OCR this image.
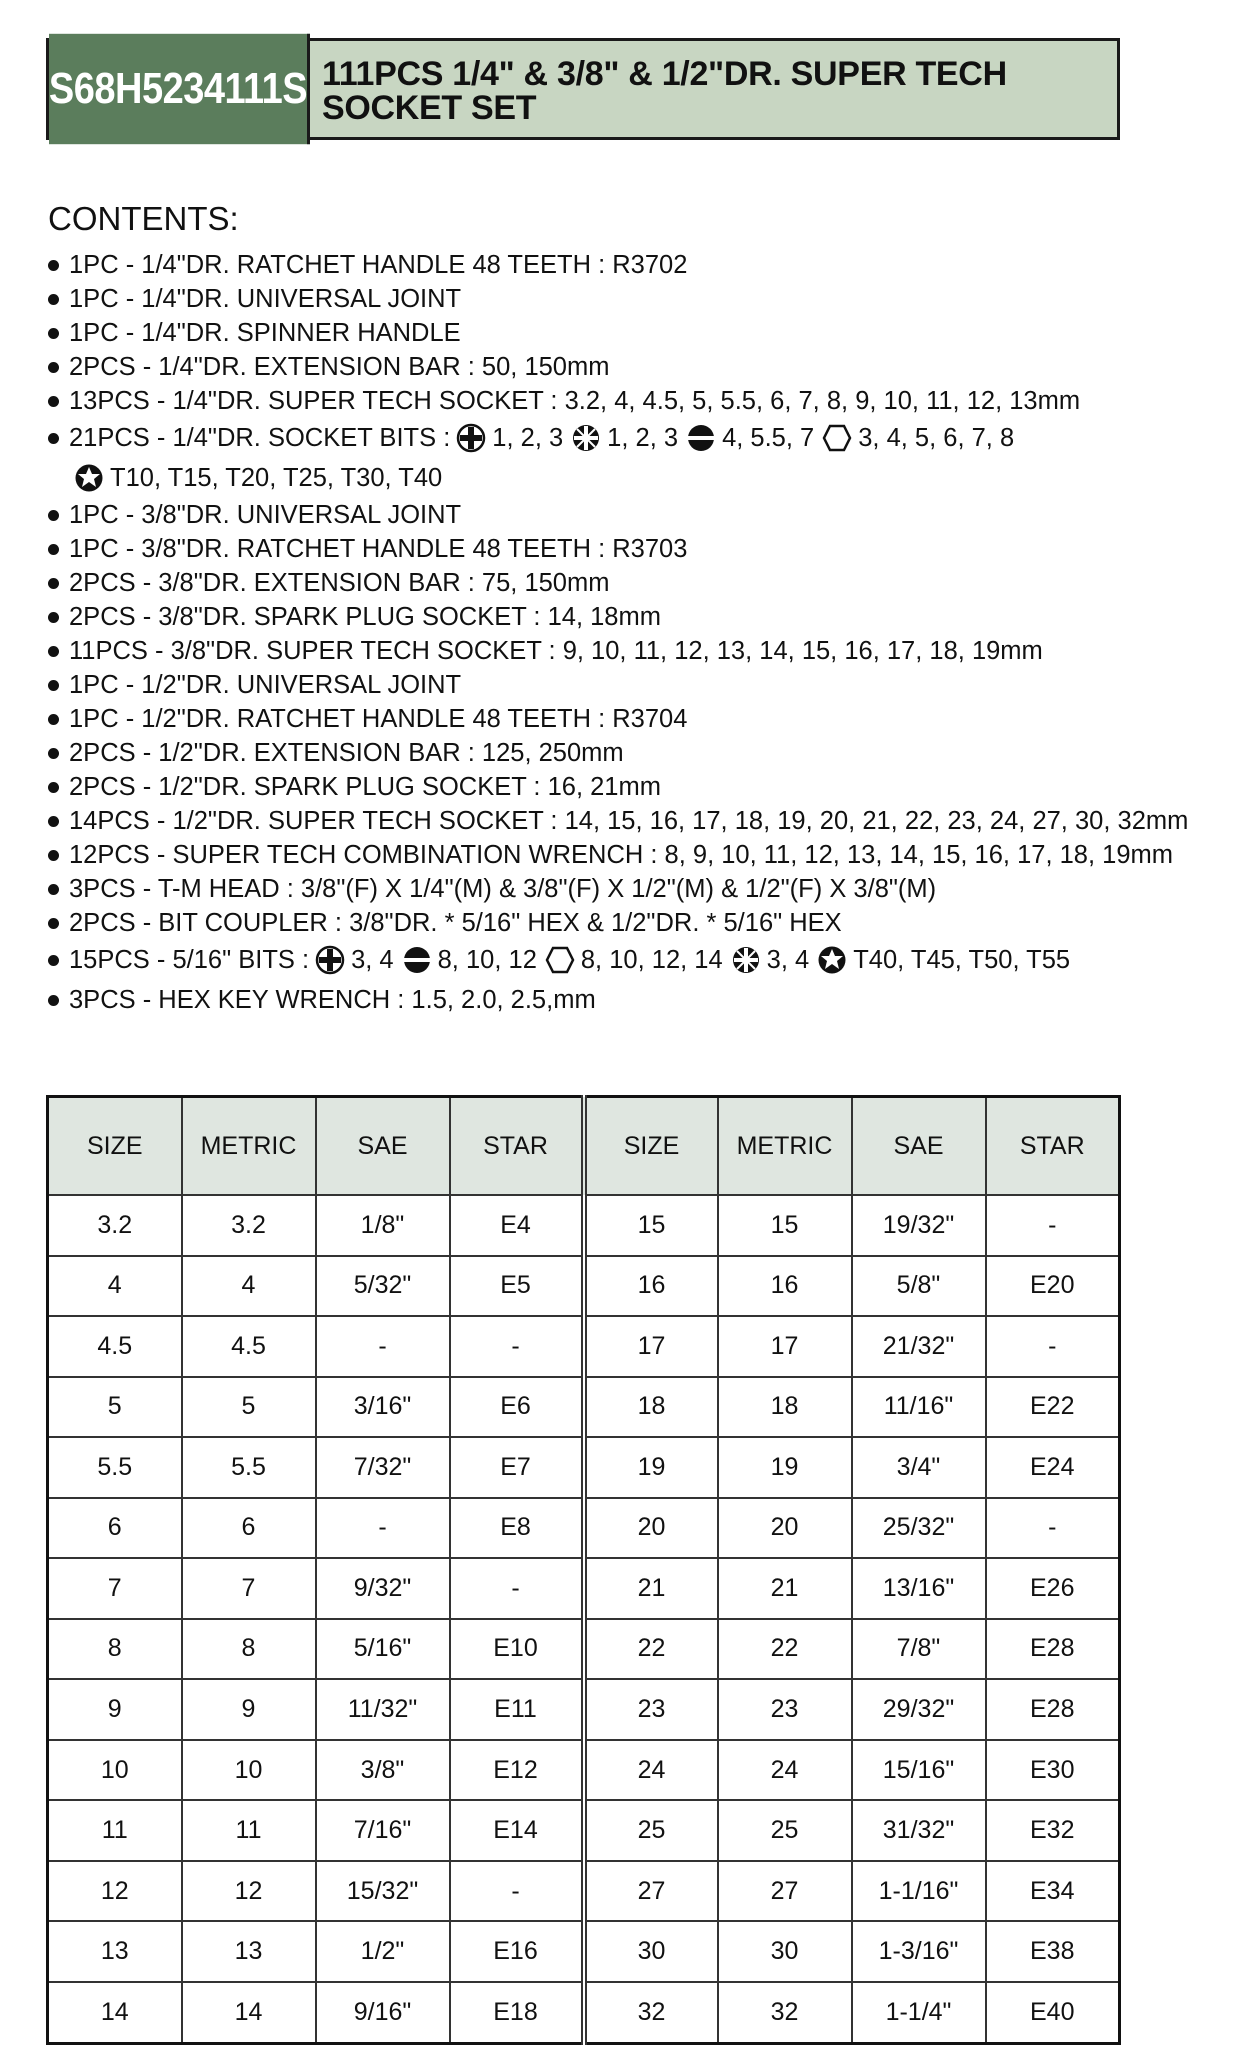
S68H5234111S 111PCS 1/4" & 3/8" & 1/2"DR. SUPER TECH SOCKET SET
CONTENTS:
1PC - 1/4"DR. RATCHET HANDLE 48 TEETH : R3702
1PC - 1/4"DR. UNIVERSAL JOINT
1PC - 1/4"DR. SPINNER HANDLE
2PCS - 1/4"DR. EXTENSION BAR : 50, 150mm
13PCS - 1/4"DR. SUPER TECH SOCKET : 3.2, 4, 4.5, 5, 5.5, 6, 7, 8, 9, 10, 11, 12, 13mm
21PCS - 1/4"DR. SOCKET BITS : 1, 2, 3 1, 2, 3 4, 5.5, 7 3, 4, 5, 6, 7, 8
T10, T15, T20, T25, T30, T40
1PC - 3/8"DR. UNIVERSAL JOINT
1PC - 3/8"DR. RATCHET HANDLE 48 TEETH : R3703
2PCS - 3/8"DR. EXTENSION BAR : 75, 150mm
2PCS - 3/8"DR. SPARK PLUG SOCKET : 14, 18mm
11PCS - 3/8"DR. SUPER TECH SOCKET : 9, 10, 11, 12, 13, 14, 15, 16, 17, 18, 19mm
1PC - 1/2"DR. UNIVERSAL JOINT
1PC - 1/2"DR. RATCHET HANDLE 48 TEETH : R3704
2PCS - 1/2"DR. EXTENSION BAR : 125, 250mm
2PCS - 1/2"DR. SPARK PLUG SOCKET : 16, 21mm
14PCS - 1/2"DR. SUPER TECH SOCKET : 14, 15, 16, 17, 18, 19, 20, 21, 22, 23, 24, 27, 30, 32mm
12PCS - SUPER TECH COMBINATION WRENCH : 8, 9, 10, 11, 12, 13, 14, 15, 16, 17, 18, 19mm
3PCS - T-M HEAD : 3/8"(F) X 1/4"(M) & 3/8"(F) X 1/2"(M) & 1/2"(F) X 3/8"(M)
2PCS - BIT COUPLER : 3/8"DR. * 5/16" HEX & 1/2"DR. * 5/16" HEX
15PCS - 5/16" BITS : 3, 4 8, 10, 12 8, 10, 12, 14 3, 4 T40, T45, T50, T55
3PCS - HEX KEY WRENCH : 1.5, 2.0, 2.5,mm
SIZE	METRIC	SAE	STAR	SIZE	METRIC	SAE	STAR
3.2	3.2	1/8"	E4	15	15	19/32"	-
4	4	5/32"	E5	16	16	5/8"	E20
4.5	4.5	-	-	17	17	21/32"	-
5	5	3/16"	E6	18	18	11/16"	E22
5.5	5.5	7/32"	E7	19	19	3/4"	E24
6	6	-	E8	20	20	25/32"	-
7	7	9/32"	-	21	21	13/16"	E26
8	8	5/16"	E10	22	22	7/8"	E28
9	9	11/32"	E11	23	23	29/32"	E28
10	10	3/8"	E12	24	24	15/16"	E30
11	11	7/16"	E14	25	25	31/32"	E32
12	12	15/32"	-	27	27	1-1/16"	E34
13	13	1/2"	E16	30	30	1-3/16"	E38
14	14	9/16"	E18	32	32	1-1/4"	E40
